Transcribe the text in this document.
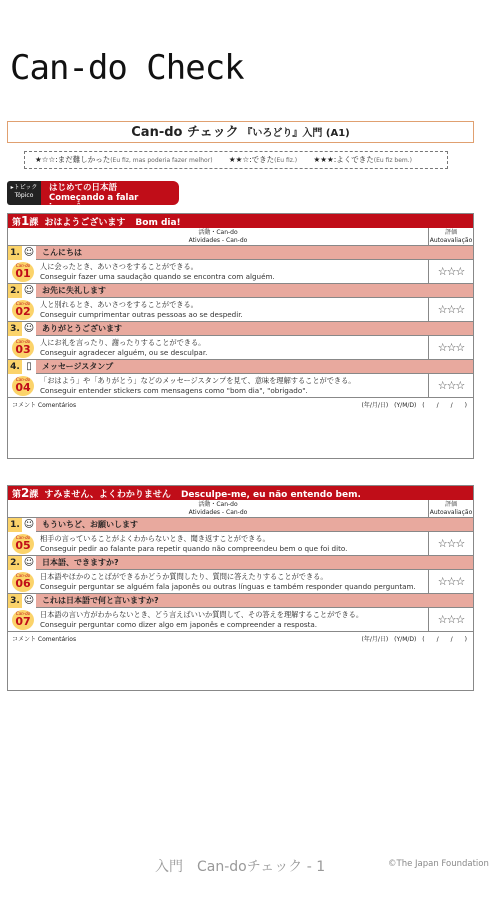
Can-do Check
Can-do チェック 『いろどり』入門 (A1)
★☆☆:まだ難しかった(Eu fiz, mas poderia fazer melhor) ★★☆:できた(Eu fiz.) ★★★:よくできた(Eu fiz bem.)
▸トピック
Tópico
はじめての日本語
Começando a falar japonês
第1課 おはようございます Bom dia!
活動・Can-do
Atividades - Can-do
評価
Autoavaliação
1. ☺ こんにちは
Can-do
01	人に会ったとき、あいさつをすることができる。
Conseguir fazer uma saudação quando se encontra com alguém.	☆☆☆
2. ☺ お先に失礼します
Can-do
02	人と別れるとき、あいさつをすることができる。
Conseguir cumprimentar outras pessoas ao se despedir.	☆☆☆
3. ☺ ありがとうございます
Can-do
03	人にお礼を言ったり、謝ったりすることができる。
Conseguir agradecer alguém, ou se desculpar.	☆☆☆
4. ▯	メッセージスタンプ
Can-do
04	「おはよう」や「ありがとう」などのメッセージスタンプを見て、意味を理解することができる。
Conseguir entender stickers com mensagens como "bom dia", "obrigado".	☆☆☆
コメント Comentários	(年/月/日) (Y/M/D) (　　/　　/　　)
第2課 すみません、よくわかりません Desculpe-me, eu não entendo bem.
活動・Can-do
Atividades - Can-do
評価
Autoavaliação
1. ☺ もういちど、お願いします
Can-do
05	相手の言っていることがよくわからないとき、聞き返すことができる。
Conseguir pedir ao falante para repetir quando não compreendeu bem o que foi dito.	☆☆☆
2. ☺ 日本語、できますか?
Can-do
06	日本語やほかのことばができるかどうか質問したり、質問に答えたりすることができる。
Conseguir perguntar se alguém fala japonês ou outras línguas e também responder quando perguntam.	☆☆☆
3. ☺ これは日本語で何と言いますか?
Can-do
07	日本語の言い方がわからないとき、どう言えばいいか質問して、その答えを理解することができる。
Conseguir perguntar como dizer algo em japonês e compreender a resposta.	☆☆☆
コメント Comentários	(年/月/日) (Y/M/D) (　　/　　/　　)
入門　Can-doチェック - 1	©The Japan Foundation
